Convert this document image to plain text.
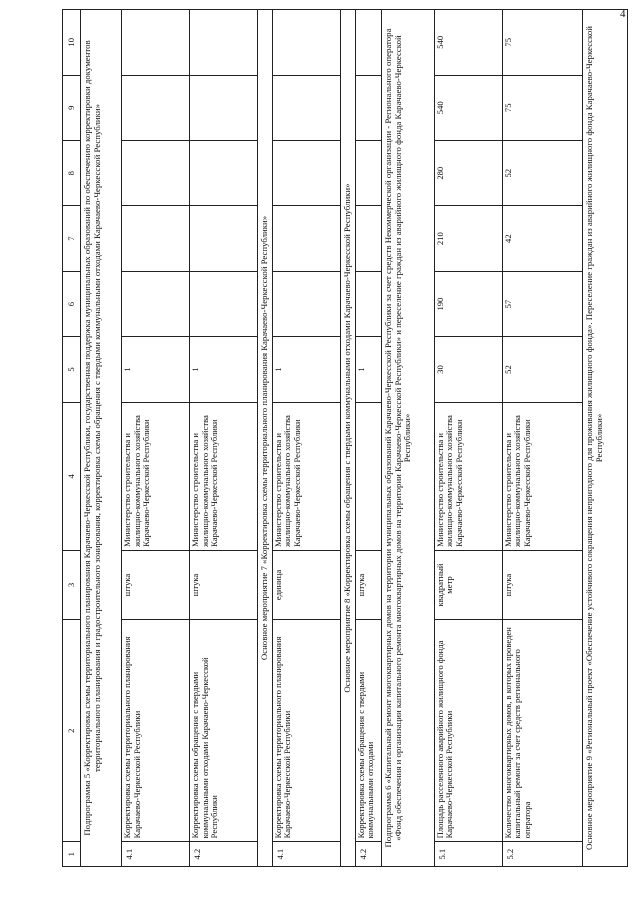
4
1	2	3	4	5	6	7	8	9	10
Подпрограмма 5 «Корректировка схемы территориального планирования Карачаево-Черкесской Республики, государственная поддержка муниципальных образований по обеспечению корректировки документов территориального планирования и градостроительного зонирования, корректировка схемы обращения с твердыми коммунальными отходами Карачаево-Черкесской Республики»									
4.1	Корректировка схемы территориального планирования Карачаево-Черкесской Республики	штука	Министерство строительства и жилищно-коммунального хозяйства Карачаево-Черкесской Республики	1					
4.2	Корректировка схемы обращения с твердыми коммунальными отходами Карачаево-Черкесской Республики	штука	Министерство строительства и жилищно-коммунального хозяйства Карачаево-Черкесской Республики	1					
Основное мероприятие 7 «Корректировка схемы территориального планирования Карачаево-Черкесской Республики»									
4.1	Корректировка схемы территориального планирования Карачаево-Черкесской Республики	единица	Министерство строительства и жилищно-коммунального хозяйства Карачаево-Черкесской Республики	1					
Основное мероприятие 8 «Корректировка схемы обращения с твердыми коммунальными отходами Карачаево-Черкесской Республики»									
4.2	Корректировка схемы обращения с твердыми коммунальными отходами	штука		1					
Подпрограмма 6 «Капитальный ремонт многоквартирных домов на территории муниципальных образований Карачаево-Черкесской Республики за счет средств Некоммерческой организации - Регионального оператора «Фонд обеспечения и организации капитального ремонта многоквартирных домов на территории Карачаево-Черкесской Республики» и переселение граждан из аварийного жилищного фонда Карачаево-Черкесской Республики»									
5.1	Площадь расселенного аварийного жилищного фонда Карачаево-Черкесской Республики	квадратный метр	Министерство строительства и жилищно-коммунального хозяйства Карачаево-Черкесской Республики	30	190	210	280	540	540
5.2	Количество многоквартирных домов, в которых проведен капитальный ремонт за счет средств регионального оператора	штука	Министерство строительства и жилищно-коммунального хозяйства Карачаево-Черкесской Республики	52	57	42	52	75	75
Основное мероприятие 9 «Региональный проект «Обеспечение устойчивого сокращения непригодного для проживания жилищного фонда». Переселение граждан из аварийного жилищного фонда Карачаево-Черкесской Республики»									
